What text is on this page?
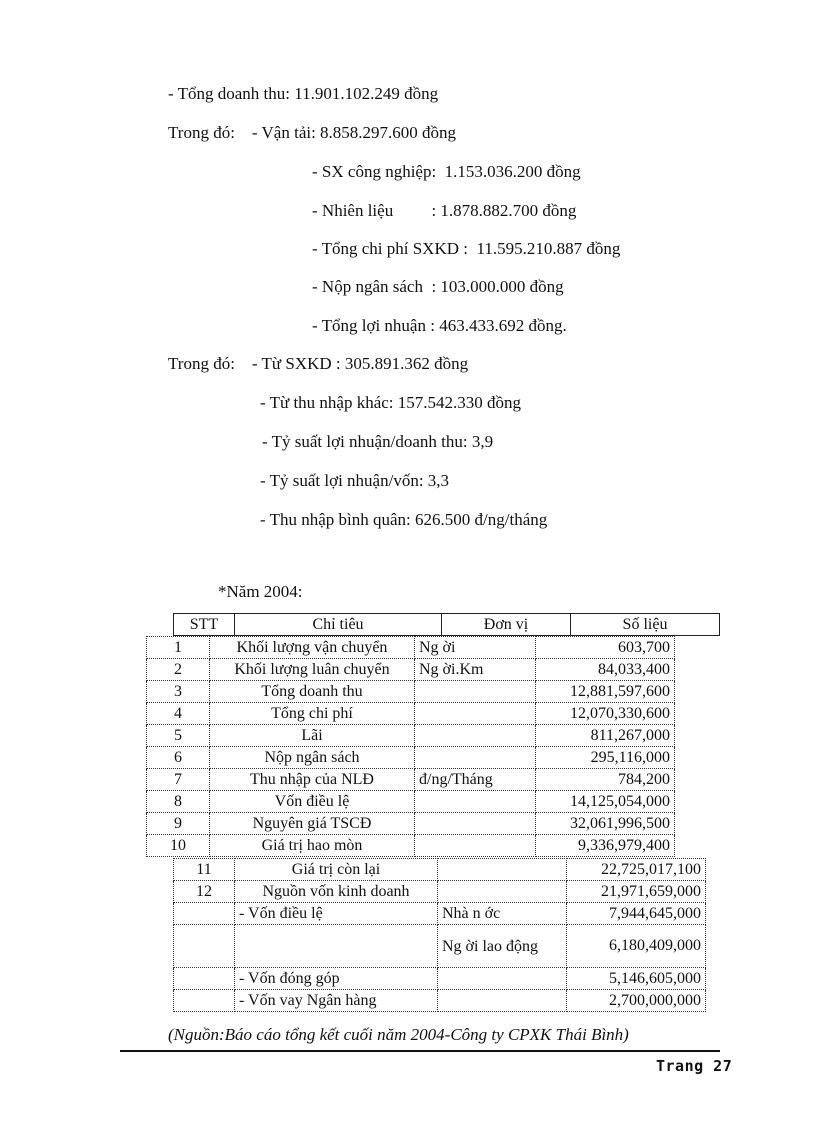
- Tổng doanh thu: 11.901.102.249 đồng
Trong đó:    - Vận tải: 8.858.297.600 đồng
- SX công nghiệp:  1.153.036.200 đồng
- Nhiên liệu         : 1.878.882.700 đồng
- Tổng chi phí SXKD :  11.595.210.887 đồng
- Nộp ngân sách  : 103.000.000 đồng
- Tổng lợi nhuận : 463.433.692 đồng.
Trong đó:    - Từ SXKD : 305.891.362 đồng
- Từ thu nhập khác: 157.542.330 đồng
- Tỷ suất lợi nhuận/doanh thu: 3,9
- Tỷ suất lợi nhuận/vốn: 3,3
- Thu nhập bình quân: 626.500 đ/ng/tháng
*Năm 2004:
STT	Chỉ tiêu	Đơn vị	Số liệu
1	Khối lượng vận chuyển	Ng ời	603,700
2	Khối lượng luân chuyển	Ng ời.Km	84,033,400
3	Tổng doanh thu		12,881,597,600
4	Tổng chi phí		12,070,330,600
5	Lãi		811,267,000
6	Nộp ngân sách		295,116,000
7	Thu nhập của NLĐ	đ/ng/Tháng	784,200
8	Vốn điều lệ		14,125,054,000
9	Nguyên giá TSCĐ		32,061,996,500
10	Giá trị hao mòn		9,336,979,400
11	Giá trị còn lại		22,725,017,100
12	Nguồn vốn kinh doanh		21,971,659,000
	- Vốn điều lệ	Nhà n ớc	7,944,645,000
		Ng ời lao động	6,180,409,000
	- Vốn đóng góp		5,146,605,000
	- Vốn vay Ngân hàng		2,700,000,000
(Nguồn:Báo cáo tổng kết cuối năm 2004-Công ty CPXK Thái Bình)
Trang 27
